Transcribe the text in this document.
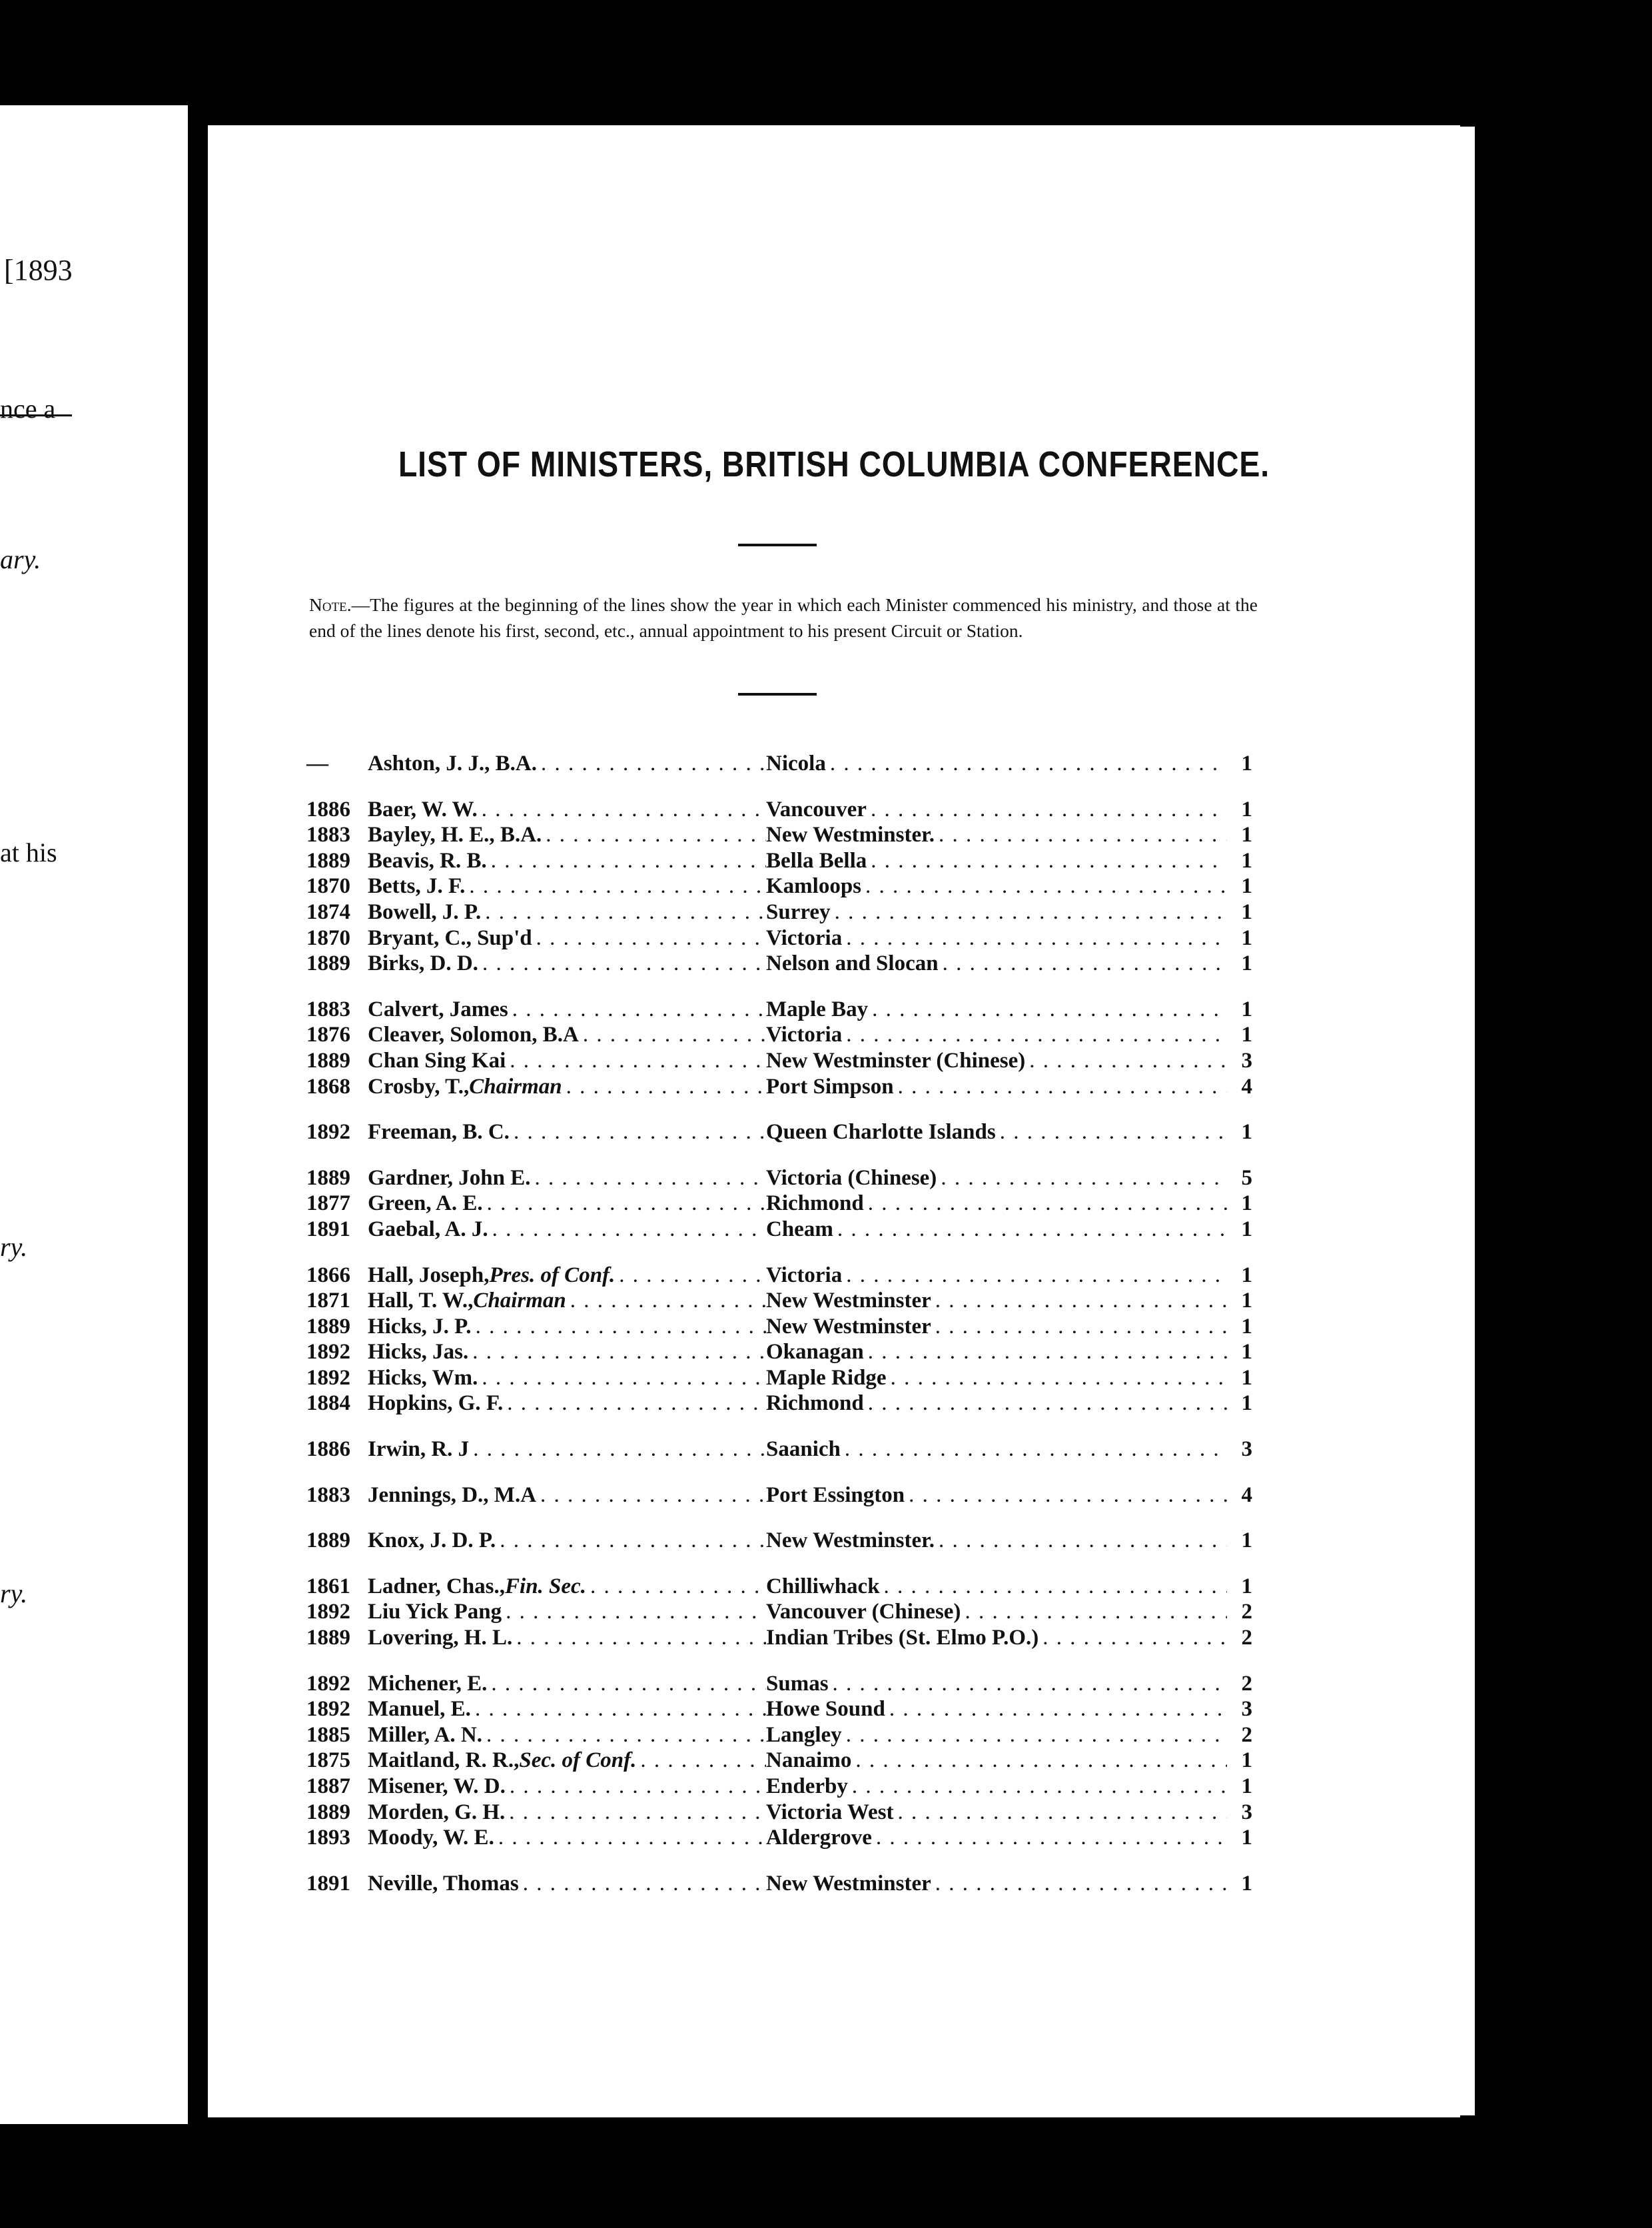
[1893
nce a
ary.
at his
ry.
ry.
LIST OF MINISTERS, BRITISH COLUMBIA CONFERENCE.
Note.—The figures at the beginning of the lines show the year in which each Minister commenced his ministry, and those at the end of the lines denote his first, second, etc., annual appointment to his present Circuit or Station.
—	Ashton, J. J., B.A. . . .	Nicola . . .	1
1886 Baer, W. W. . . .	Vancouver . . .	1
1883 Bayley, H. E., B.A. . . .	New Westminster. . . .	1
1889 Beavis, R. B. . . .	Bella Bella . . .	1
1870 Betts, J. F. . . .	Kamloops . . .	1
1874 Bowell, J. P. . . .	Surrey . . .	1
1870 Bryant, C., Sup'd . . .	Victoria . . .	1
1889 Birks, D. D. . . .	Nelson and Slocan . . .	1
1883 Calvert, James . . .	Maple Bay . . .	1
1876 Cleaver, Solomon, B.A . . .	Victoria . . .	1
1889 Chan Sing Kai . . .	New Westminster (Chinese) . . .	3
1868 Crosby, T., Chairman . . .	Port Simpson . . .	4
1892 Freeman, B. C. . . .	Queen Charlotte Islands . . .	1
1889 Gardner, John E. . . .	Victoria (Chinese) . . .	5
1877 Green, A. E. . . .	Richmond . . .	1
1891 Gaebal, A. J. . . .	Cheam . . .	1
1866 Hall, Joseph, Pres. of Conf. . . .	Victoria . . .	1
1871 Hall, T. W., Chairman . . .	New Westminster . . .	1
1889 Hicks, J. P. . . .	New Westminster . . .	1
1892 Hicks, Jas. . . .	Okanagan . . .	1
1892 Hicks, Wm. . . .	Maple Ridge . . .	1
1884 Hopkins, G. F. . . .	Richmond . . .	1
1886 Irwin, R. J . . .	Saanich . . .	3
1883 Jennings, D., M.A . . .	Port Essington . . .	4
1889 Knox, J. D. P. . . .	New Westminster. . . .	1
1861 Ladner, Chas., Fin. Sec. . . .	Chilliwhack . . .	1
1892 Liu Yick Pang . . .	Vancouver (Chinese) . . .	2
1889 Lovering, H. L. . . .	Indian Tribes (St. Elmo P.O.) . . .	2
1892 Michener, E. . . .	Sumas . . .	2
1892 Manuel, E. . . .	Howe Sound . . .	3
1885 Miller, A. N. . . .	Langley . . .	2
1875 Maitland, R. R., Sec. of Conf. . . .	Nanaimo . . .	1
1887 Misener, W. D. . . .	Enderby . . .	1
1889 Morden, G. H. . . .	Victoria West . . .	3
1893 Moody, W. E. . . .	Aldergrove . . .	1
1891 Neville, Thomas . . .	New Westminster . . .	1
